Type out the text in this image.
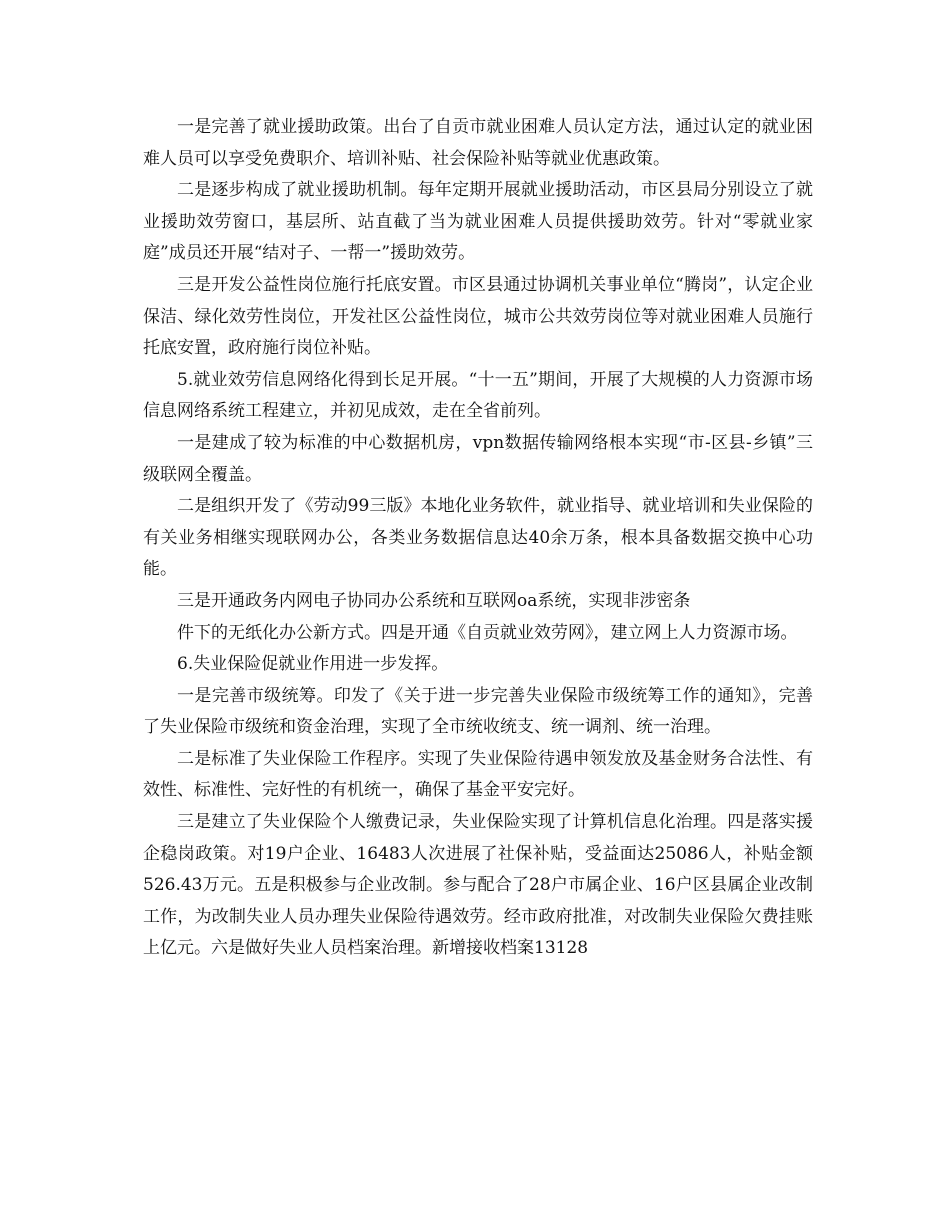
一是完善了就业援助政策。出台了自贡市就业困难人员认定方法，通过认定的就业困难人员可以享受免费职介、培训补贴、社会保险补贴等就业优惠政策。

二是逐步构成了就业援助机制。每年定期开展就业援助活动，市区县局分别设立了就业援助效劳窗口，基层所、站直截了当为就业困难人员提供援助效劳。针对“零就业家庭”成员还开展“结对子、一帮一”援助效劳。

三是开发公益性岗位施行托底安置。市区县通过协调机关事业单位“腾岗”，认定企业保洁、绿化效劳性岗位，开发社区公益性岗位，城市公共效劳岗位等对就业困难人员施行托底安置，政府施行岗位补贴。

5.就业效劳信息网络化得到长足开展。“十一五”期间，开展了大规模的人力资源市场信息网络系统工程建立，并初见成效，走在全省前列。

一是建成了较为标准的中心数据机房，vpn数据传输网络根本实现“市-区县-乡镇”三级联网全覆盖。

二是组织开发了《劳动99三版》本地化业务软件，就业指导、就业培训和失业保险的有关业务相继实现联网办公，各类业务数据信息达40余万条，根本具备数据交换中心功能。

三是开通政务内网电子协同办公系统和互联网oa系统，实现非涉密条

件下的无纸化办公新方式。四是开通《自贡就业效劳网》，建立网上人力资源市场。

6.失业保险促就业作用进一步发挥。

一是完善市级统筹。印发了《关于进一步完善失业保险市级统筹工作的通知》，完善了失业保险市级统和资金治理，实现了全市统收统支、统一调剂、统一治理。

二是标准了失业保险工作程序。实现了失业保险待遇申领发放及基金财务合法性、有效性、标准性、完好性的有机统一，确保了基金平安完好。

三是建立了失业保险个人缴费记录，失业保险实现了计算机信息化治理。四是落实援企稳岗政策。对19户企业、16483人次进展了社保补贴，受益面达25086人，补贴金额526.43万元。五是积极参与企业改制。参与配合了28户市属企业、16户区县属企业改制工作，为改制失业人员办理失业保险待遇效劳。经市政府批准，对改制失业保险欠费挂账上亿元。六是做好失业人员档案治理。新增接收档案13128
